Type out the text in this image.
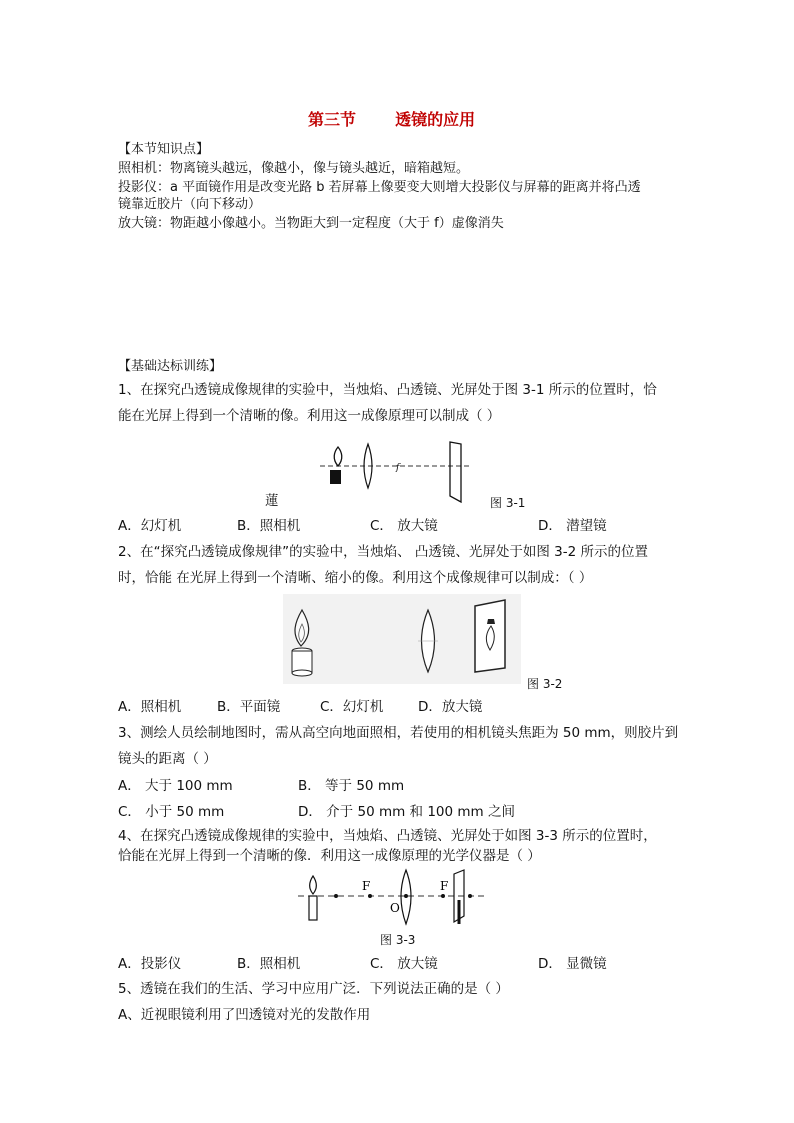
第三节 透镜的应用
【本节知识点】
照相机：物离镜头越远，像越小，像与镜头越近，暗箱越短。
投影仪：a 平面镜作用是改变光路 b 若屏幕上像要变大则增大投影仪与屏幕的距离并将凸透
镜靠近胶片（向下移动）
放大镜：物距越小像越小。当物距大到一定程度（大于 f）虚像消失
【基础达标训练】
1、在探究凸透镜成像规律的实验中，当烛焰、凸透镜、光屏处于图 3-1 所示的位置时，恰
能在光屏上得到一个清晰的像。利用这一成像原理可以制成（ ）
f
蓮	图 3-1
A．幻灯机	B．照相机	C． 放大镜	D． 潜望镜
2、在“探究凸透镜成像规律”的实验中，当烛焰、 凸透镜、光屏处于如图 3-2 所示的位置
时，恰能 在光屏上得到一个清晰、缩小的像。利用这个成像规律可以制成：（ ）
图 3-2
A．照相机	B．平面镜	C．幻灯机	D．放大镜
3、测绘人员绘制地图时，需从高空向地面照相，若使用的相机镜头焦距为 50 mm，则胶片到
镜头的距离（ ）
A． 大于 100 mm	B． 等于 50 mm
C． 小于 50 mm	D． 介于 50 mm 和 100 mm 之间
4、在探究凸透镜成像规律的实验中，当烛焰、凸透镜、光屏处于如图 3-3 所示的位置时，
恰能在光屏上得到一个清晰的像．利用这一成像原理的光学仪器是（ ）
F
O
F
图 3-3
A．投影仪	B．照相机	C． 放大镜	D． 显微镜
5、透镜在我们的生活、学习中应用广泛．下列说法正确的是（ ）
A、近视眼镜利用了凹透镜对光的发散作用
